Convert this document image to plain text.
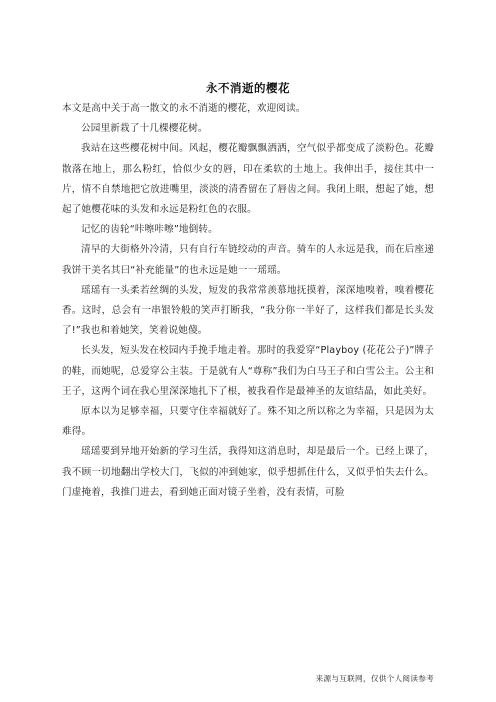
永不消逝的樱花

本文是高中关于高一散文的永不消逝的樱花，欢迎阅读。

公园里新栽了十几棵樱花树。

我站在这些樱花树中间。风起，樱花瓣飘飘洒洒，空气似乎都变成了淡粉色。花瓣散落在地上，那么粉红，恰似少女的唇，印在柔软的土地上。我伸出手，接住其中一片，情不自禁地把它放进嘴里，淡淡的清香留在了唇齿之间。我闭上眼，想起了她，想起了她樱花味的头发和永远是粉红色的衣服。

记忆的齿轮“咔嚓咔嚓”地倒转。

清早的大街格外冷清，只有自行车链绞动的声音。骑车的人永远是我，而在后座递我饼干美名其曰“补充能量”的也永远是她一一瑶瑶。

瑶瑶有一头柔若丝绸的头发，短发的我常常羡慕地抚摸着，深深地嗅着，嗅着樱花香。这时，总会有一串银铃般的笑声打断我，“我分你一半好了，这样我们都是长头发了!”我也和着她笑，笑着说她傻。

长头发，短头发在校园内手挽手地走着。那时的我爱穿“Playboy (花花公子)”牌子的鞋，而她呢，总爱穿公主装。于是就有人“尊称”我们为白马王子和白雪公主。公主和王子，这两个词在我心里深深地扎下了根，被我看作是最神圣的友谊结晶，如此美好。

原本以为足够幸福，只要守住幸福就好了。殊不知之所以称之为幸福，只是因为太难得。

瑶瑶要到异地开始新的学习生活，我得知这消息时，却是最后一个。已经上课了，我不顾一切地翻出学校大门，飞似的冲到她家，似乎想抓住什么，又似乎怕失去什么。门虚掩着，我推门进去，看到她正面对镜子坐着，没有表情，可脸

来源与互联网，仅供个人阅读参考
